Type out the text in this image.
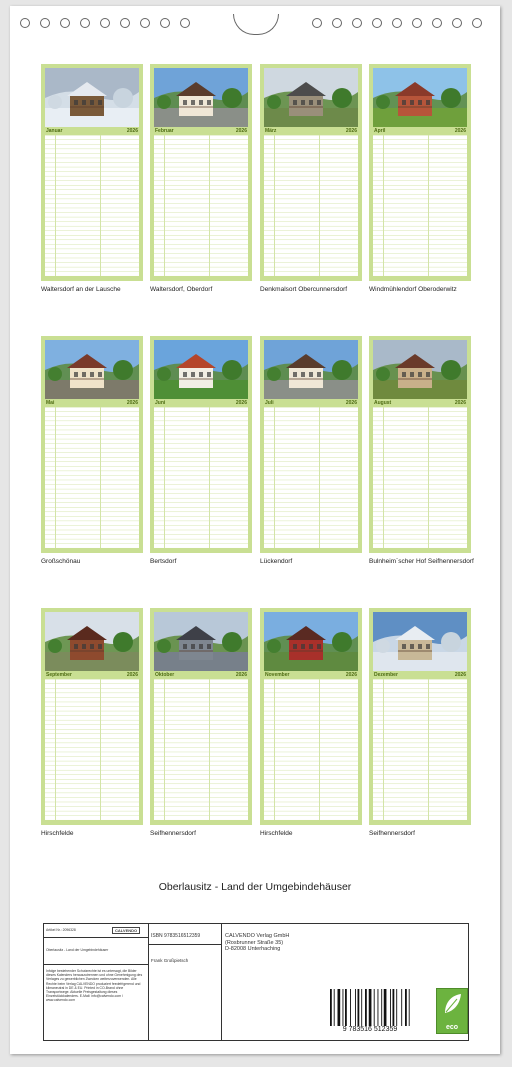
Januar	2026
Waltersdorf an der Lausche
Februar	2026
Waltersdorf, Oberdorf
März	2026
Denkmalsort Obercunnersdorf
April	2026
Windmühlendorf Oberoderwitz
Mai	2026
Großschönau
Juni	2026
Bertsdorf
Juli	2026
Lückendorf
August	2026
Bulnheim´scher Hof Seifhennersdorf
September	2026
Hirschfelde
Oktober	2026
Seifhennersdorf
November	2026
Hirschfelde
Dezember	2026
Seifhennersdorf
Oberlausitz - Land der Umgebindehäuser
Artikel Nr.: 2096328	CALVENDO
Oberlausitz - Land der Umgebindehäuser
Infolge bestehender Schutzrechte ist es untersagt, die Bilder dieses Kalenders herauszutrennen und ohne Genehmigung des Verlages zu gewerblichen Zwecken weiterzuverwenden. Alle Rechte beim Verlag CALVENDO produziert feedefrigerend und klimaneutral in DE & EU. Printed in CO-Brand ohne Transportwege. Aktuelle Preisgestaltung dieses Einzelstückkalenders. E-Mail: info@calvendo.com / www.calvendo.com
ISBN 9783516512359
Frank Großpietsch
CALVENDO Verlag GmbH
(Rosbrunner Straße 35)
D-82008 Unterhaching
9 783516 512359	eco
